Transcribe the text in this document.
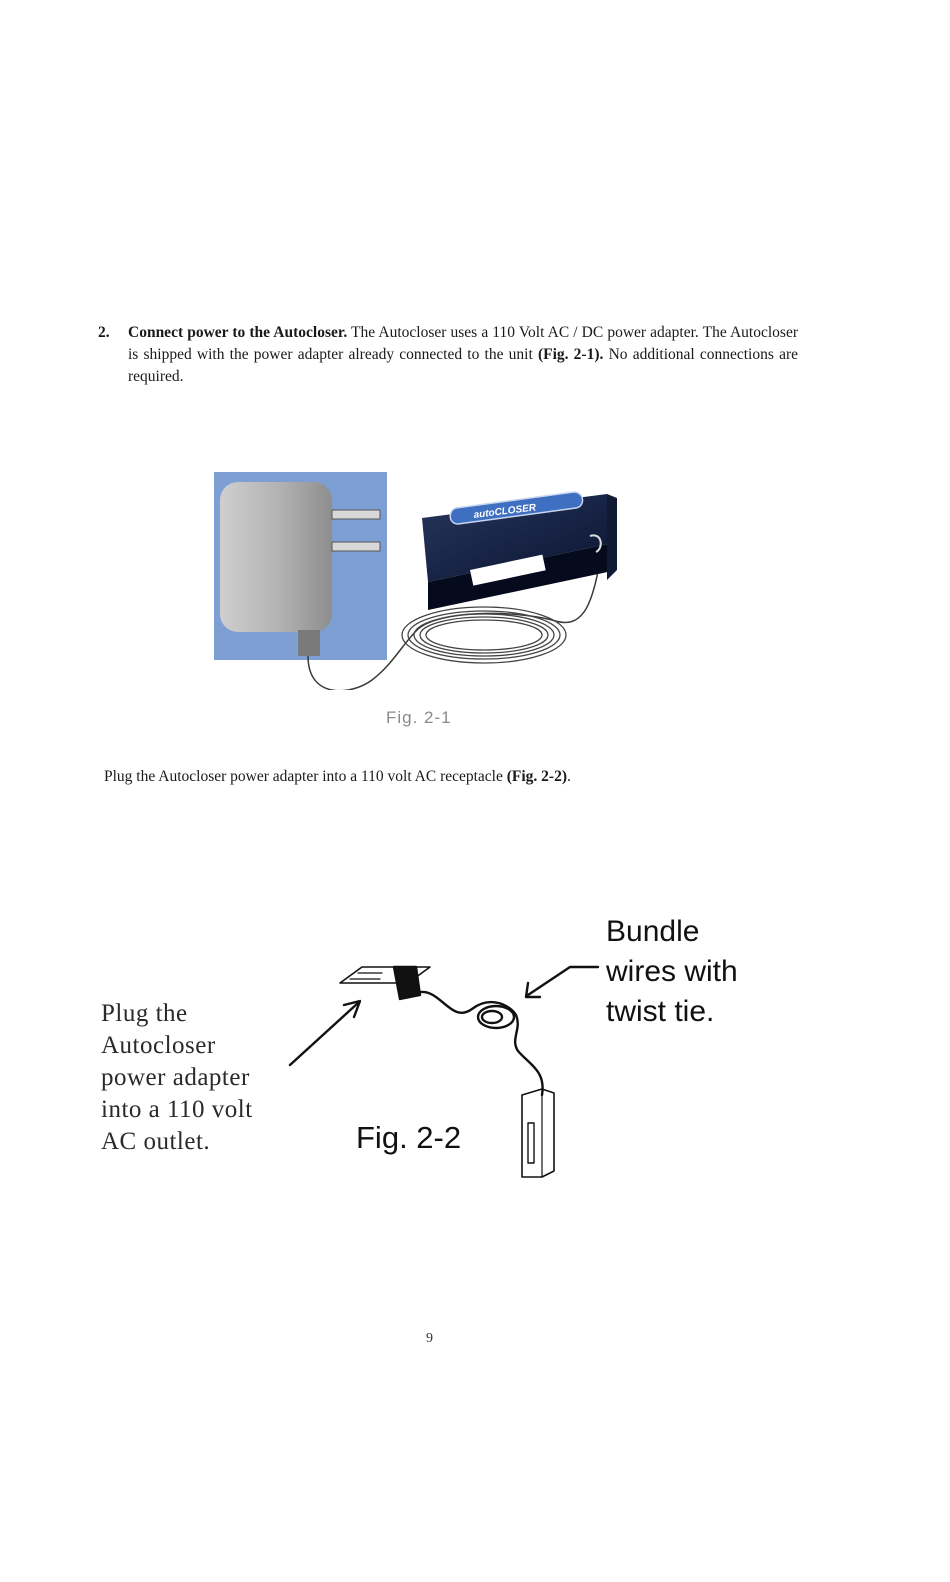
2. Connect power to the Autocloser. The Autocloser uses a 110 Volt AC / DC power adapter. The Autocloser is shipped with the power adapter already connected to the unit (Fig. 2-1). No additional connections are required.
autoCLOSER
Fig. 2-1
Plug the Autocloser power adapter into a 110 volt AC receptacle (Fig. 2-2).
Plug the
Autocloser
power adapter
into a 110 volt
AC outlet.
Bundle
wires with
twist tie.
Fig. 2-2
9
